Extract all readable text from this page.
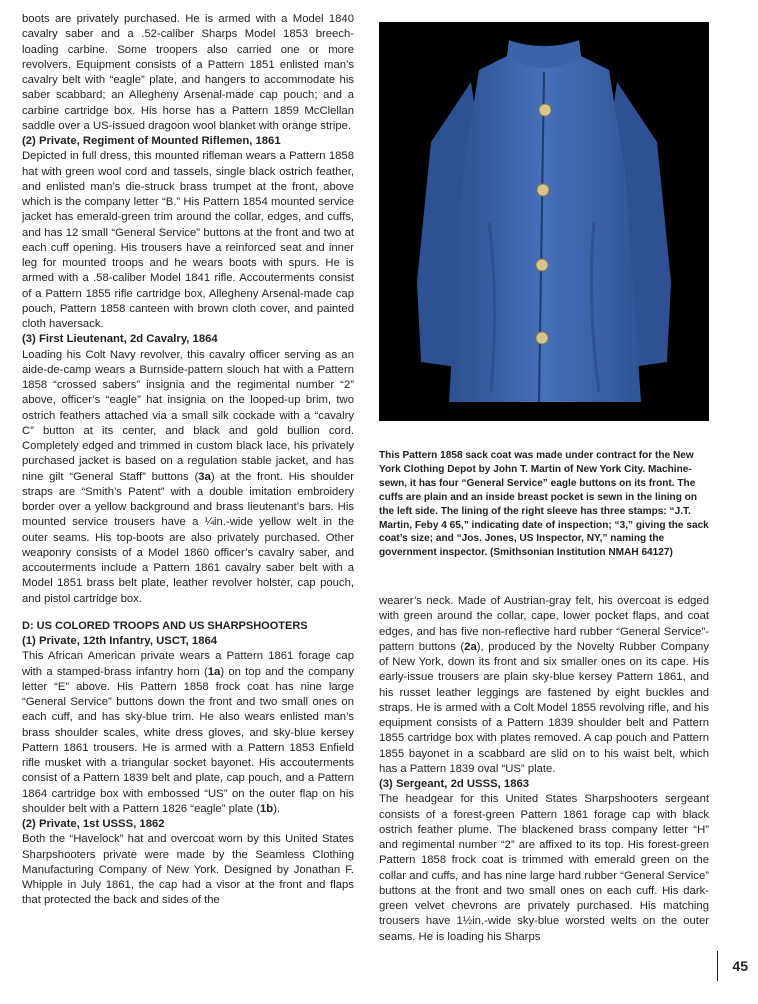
boots are privately purchased. He is armed with a Model 1840 cavalry saber and a .52-caliber Sharps Model 1853 breech-loading carbine. Some troopers also carried one or more revolvers. Equipment consists of a Pattern 1851 enlisted man’s cavalry belt with “eagle” plate, and hangers to accommodate his saber scabbard; an Allegheny Arsenal-made cap pouch; and a carbine cartridge box. His horse has a Pattern 1859 McClellan saddle over a US-issued dragoon wool blanket with orange stripe.

(2) Private, Regiment of Mounted Riflemen, 1861

Depicted in full dress, this mounted rifleman wears a Pattern 1858 hat with green wool cord and tassels, single black ostrich feather, and enlisted man’s die-struck brass trumpet at the front, above which is the company letter “B.” His Pattern 1854 mounted service jacket has emerald-green trim around the collar, edges, and cuffs, and has 12 small “General Service” buttons at the front and two at each cuff opening. His trousers have a reinforced seat and inner leg for mounted troops and he wears boots with spurs. He is armed with a .58-caliber Model 1841 rifle. Accouterments consist of a Pattern 1855 rifle cartridge box, Allegheny Arsenal-made cap pouch, Pattern 1858 canteen with brown cloth cover, and painted cloth haversack.

(3) First Lieutenant, 2d Cavalry, 1864

Loading his Colt Navy revolver, this cavalry officer serving as an aide-de-camp wears a Burnside-pattern slouch hat with a Pattern 1858 “crossed sabers” insignia and the regimental number “2” above, officer’s “eagle” hat insignia on the looped-up brim, two ostrich feathers attached via a small silk cockade with a “cavalry C” button at its center, and black and gold bullion cord. Completely edged and trimmed in custom black lace, his privately purchased jacket is based on a regulation stable jacket, and has nine gilt “General Staff” buttons (3a) at the front. His shoulder straps are “Smith’s Patent” with a double imitation embroidery border over a yellow background and brass lieutenant’s bars. His mounted service trousers have a ¼in.-wide yellow welt in the outer seams. His top-boots are also privately purchased. Other weaponry consists of a Model 1860 officer’s cavalry saber, and accouterments include a Pattern 1861 cavalry saber belt with a Model 1851 brass belt plate, leather revolver holster, cap pouch, and pistol cartridge box.

D: US COLORED TROOPS AND US SHARPSHOOTERS

(1) Private, 12th Infantry, USCT, 1864

This African American private wears a Pattern 1861 forage cap with a stamped-brass infantry horn (1a) on top and the company letter “E” above. His Pattern 1858 frock coat has nine large “General Service” buttons down the front and two small ones on each cuff, and has sky-blue trim. He also wears enlisted man’s brass shoulder scales, white dress gloves, and sky-blue kersey Pattern 1861 trousers. He is armed with a Pattern 1853 Enfield rifle musket with a triangular socket bayonet. His accouterments consist of a Pattern 1839 belt and plate, cap pouch, and a Pattern 1864 cartridge box with embossed “US” on the outer flap on his shoulder belt with a Pattern 1826 “eagle” plate (1b).

(2) Private, 1st USSS, 1862

Both the “Havelock” hat and overcoat worn by this United States Sharpshooters private were made by the Seamless Clothing Manufacturing Company of New York. Designed by Jonathan F. Whipple in July 1861, the cap had a visor at the front and flaps that protected the back and sides of the

This Pattern 1858 sack coat was made under contract for the New York Clothing Depot by John T. Martin of New York City. Machine-sewn, it has four “General Service” eagle buttons on its front. The cuffs are plain and an inside breast pocket is sewn in the lining on the left side. The lining of the right sleeve has three stamps: “J.T. Martin, Feby 4 65,” indicating date of inspection; “3,” giving the sack coat’s size; and “Jos. Jones, US Inspector, NY,” naming the government inspector. (Smithsonian Institution NMAH 64127)

wearer’s neck. Made of Austrian-gray felt, his overcoat is edged with green around the collar, cape, lower pocket flaps, and coat edges, and has five non-reflective hard rubber “General Service”-pattern buttons (2a), produced by the Novelty Rubber Company of New York, down its front and six smaller ones on its cape. His early-issue trousers are plain sky-blue kersey Pattern 1861, and his russet leather leggings are fastened by eight buckles and straps. He is armed with a Colt Model 1855 revolving rifle, and his equipment consists of a Pattern 1839 shoulder belt and Pattern 1855 cartridge box with plates removed. A cap pouch and Pattern 1855 bayonet in a scabbard are slid on to his waist belt, which has a Pattern 1839 oval “US” plate.

(3) Sergeant, 2d USSS, 1863

The headgear for this United States Sharpshooters sergeant consists of a forest-green Pattern 1861 forage cap with black ostrich feather plume. The blackened brass company letter “H” and regimental number “2” are affixed to its top. His forest-green Pattern 1858 frock coat is trimmed with emerald green on the collar and cuffs, and has nine large hard rubber “General Service” buttons at the front and two small ones on each cuff. His dark-green velvet chevrons are privately purchased. His matching trousers have 1½in.-wide sky-blue worsted welts on the outer seams. He is loading his Sharps

45
